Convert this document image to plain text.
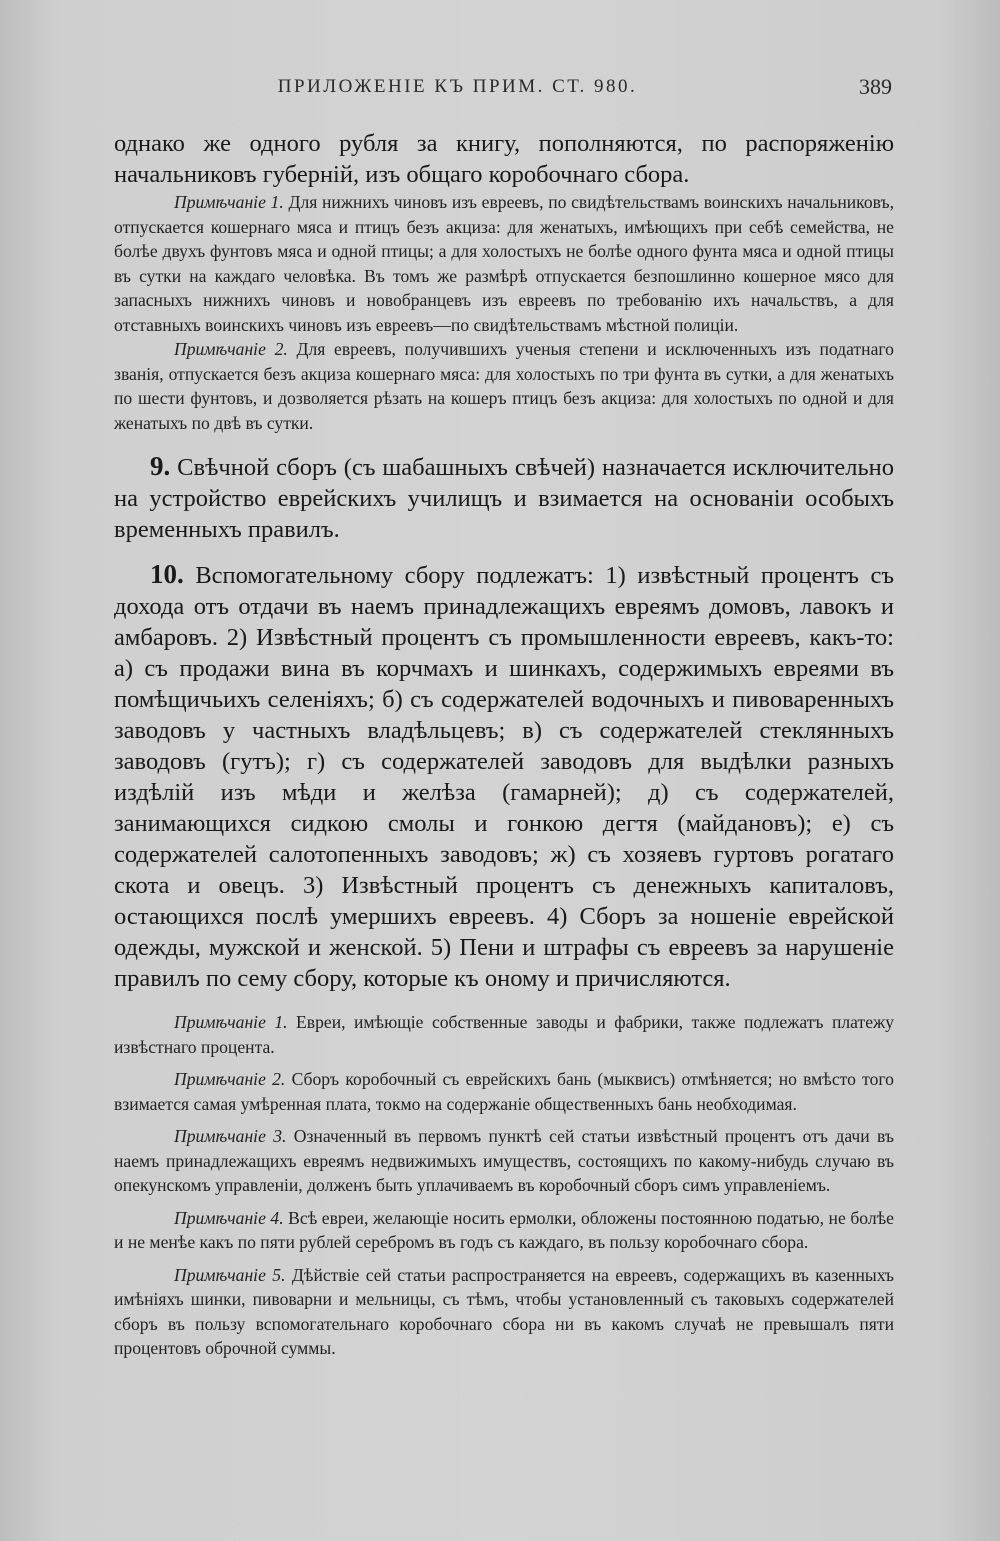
ПРИЛОЖЕНІЕ КЪ ПРИМ. СТ. 980.	389

однако же одного рубля за книгу, пополняются, по распоряженію начальниковъ губерній, изъ общаго коробочнаго сбора.

Примѣчаніе 1. Для нижнихъ чиновъ изъ евреевъ, по свидѣтельствамъ воинскихъ начальниковъ, отпускается кошернаго мяса и птицъ безъ акциза: для женатыхъ, имѣющихъ при себѣ семейства, не болѣе двухъ фунтовъ мяса и одной птицы; а для холостыхъ не болѣе одного фунта мяса и одной птицы въ сутки на каждаго человѣка. Въ томъ же размѣрѣ отпускается безпошлинно кошерное мясо для запасныхъ нижнихъ чиновъ и новобранцевъ изъ евреевъ по требованію ихъ начальствъ, а для отставныхъ воинскихъ чиновъ изъ евреевъ—по свидѣтельствамъ мѣстной полиціи.

Примѣчаніе 2. Для евреевъ, получившихъ ученыя степени и исключенныхъ изъ податнаго званія, отпускается безъ акциза кошернаго мяса: для холостыхъ по три фунта въ сутки, а для женатыхъ по шести фунтовъ, и дозволяется рѣзать на кошеръ птицъ безъ акциза: для холостыхъ по одной и для женатыхъ по двѣ въ сутки.

9. Свѣчной сборъ (съ шабашныхъ свѣчей) назначается исключительно на устройство еврейскихъ училищъ и взимается на основаніи особыхъ временныхъ правилъ.

10. Вспомогательному сбору подлежатъ: 1) извѣстный процентъ съ дохода отъ отдачи въ наемъ принадлежащихъ евреямъ домовъ, лавокъ и амбаровъ. 2) Извѣстный процентъ съ промышленности евреевъ, какъ-то: а) съ продажи вина въ корчмахъ и шинкахъ, содержимыхъ евреями въ помѣщичьихъ селеніяхъ; б) съ содержателей водочныхъ и пивоваренныхъ заводовъ у частныхъ владѣльцевъ; в) съ содержателей стеклянныхъ заводовъ (гутъ); г) съ содержателей заводовъ для выдѣлки разныхъ издѣлій изъ мѣди и желѣза (гамарней); д) съ содержателей, занимающихся сидкою смолы и гонкою дегтя (майдановъ); е) съ содержателей салотопенныхъ заводовъ; ж) съ хозяевъ гуртовъ рогатаго скота и овецъ. 3) Извѣстный процентъ съ денежныхъ капиталовъ, остающихся послѣ умершихъ евреевъ. 4) Сборъ за ношеніе еврейской одежды, мужской и женской. 5) Пени и штрафы съ евреевъ за нарушеніе правилъ по сему сбору, которые къ оному и причисляются.

Примѣчаніе 1. Евреи, имѣющіе собственные заводы и фабрики, также подлежатъ платежу извѣстнаго процента.

Примѣчаніе 2. Сборъ коробочный съ еврейскихъ бань (мыквисъ) отмѣняется; но вмѣсто того взимается самая умѣренная плата, токмо на содержаніе общественныхъ бань необходимая.

Примѣчаніе 3. Означенный въ первомъ пунктѣ сей статьи извѣстный процентъ отъ дачи въ наемъ принадлежащихъ евреямъ недвижимыхъ имуществъ, состоящихъ по какому-нибудь случаю въ опекунскомъ управленіи, долженъ быть уплачиваемъ въ коробочный сборъ симъ управленіемъ.

Примѣчаніе 4. Всѣ евреи, желающіе носить ермолки, обложены постоянною податью, не болѣе и не менѣе какъ по пяти рублей серебромъ въ годъ съ каждаго, въ пользу коробочнаго сбора.

Примѣчаніе 5. Дѣйствіе сей статьи распространяется на евреевъ, содержащихъ въ казенныхъ имѣніяхъ шинки, пивоварни и мельницы, съ тѣмъ, чтобы установленный съ таковыхъ содержателей сборъ въ пользу вспомогательнаго коробочнаго сбора ни въ какомъ случаѣ не превышалъ пяти процентовъ оброчной суммы.
